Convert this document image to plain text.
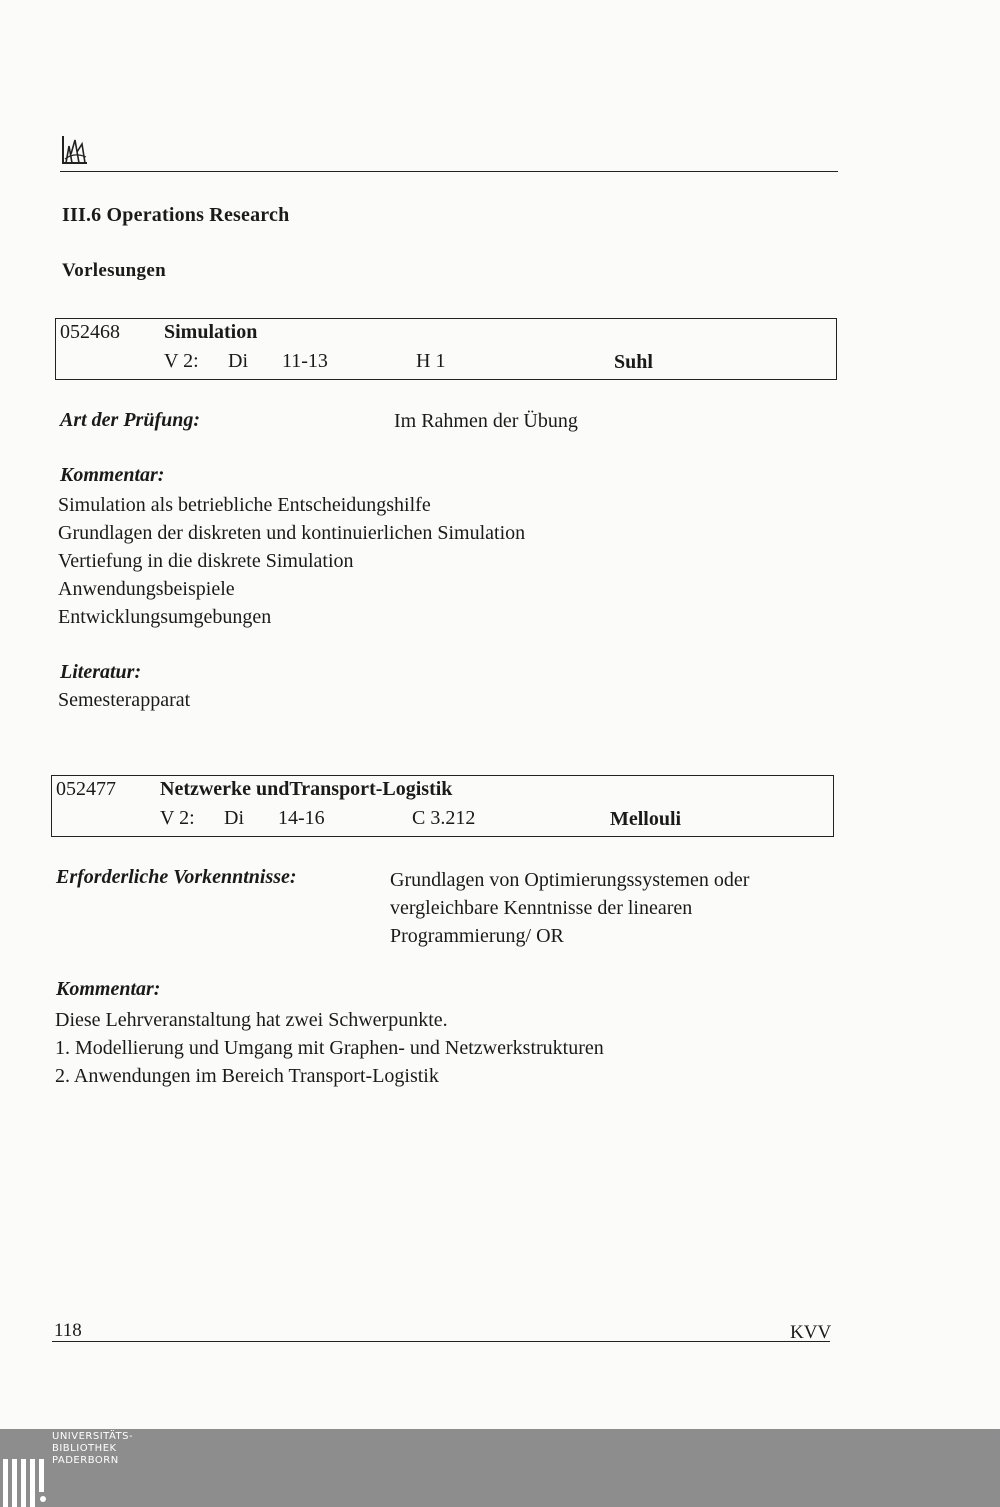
III.6 Operations Research
Vorlesungen
052468 Simulation
V 2: Di 11-13	H 1	Suhl
Art der Prüfung:	Im Rahmen der Übung
Kommentar:
Simulation als betriebliche Entscheidungshilfe
Grundlagen der diskreten und kontinuierlichen Simulation
Vertiefung in die diskrete Simulation
Anwendungsbeispiele
Entwicklungsumgebungen
Literatur:
Semesterapparat
052477 Netzwerke undTransport-Logistik
V 2: Di 14-16	C 3.212	Mellouli
Erforderliche Vorkenntnisse:	Grundlagen von Optimierungssystemen oder
vergleichbare Kenntnisse der linearen
Programmierung/ OR
Kommentar:
Diese Lehrveranstaltung hat zwei Schwerpunkte.
1. Modellierung und Umgang mit Graphen- und Netzwerkstrukturen
2. Anwendungen im Bereich Transport-Logistik
118	KVV
UNIVERSITÄTS-
BIBLIOTHEK
PADERBORN
